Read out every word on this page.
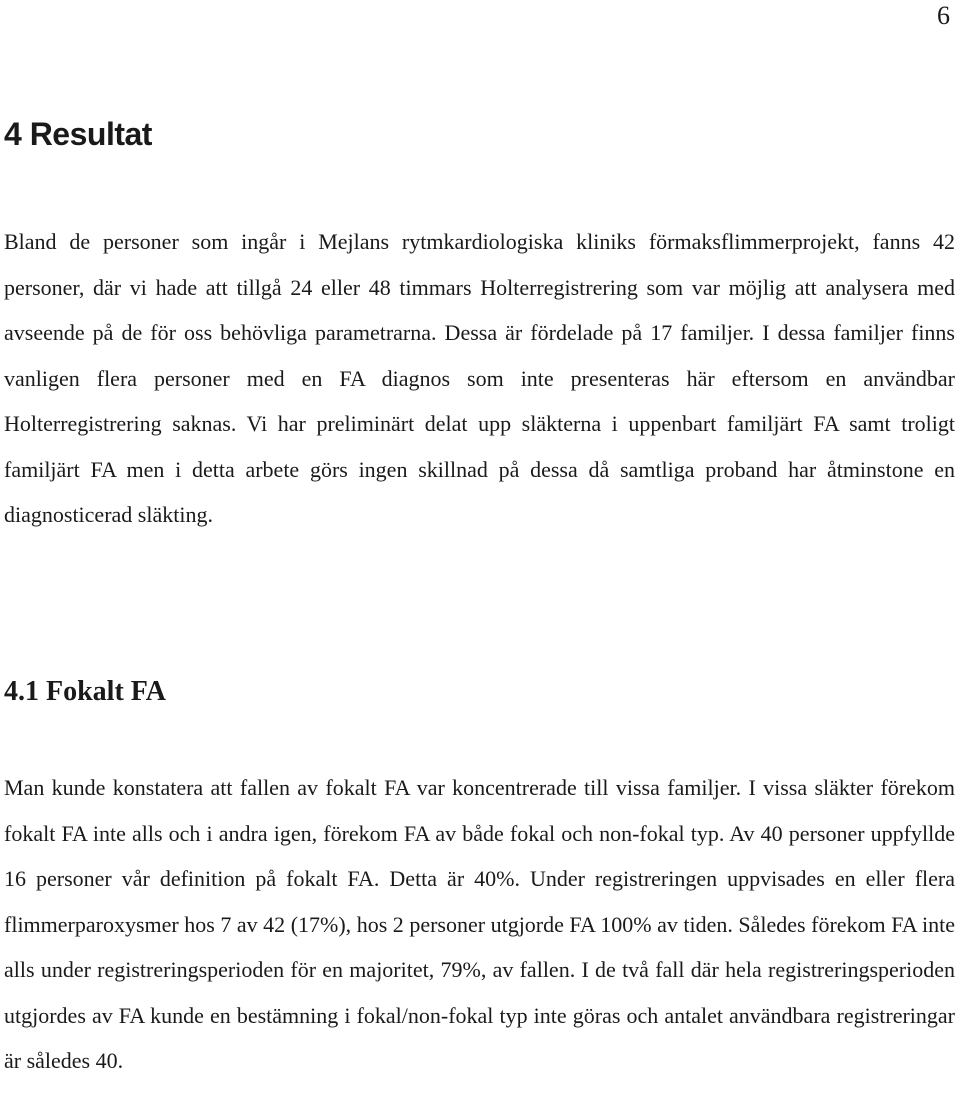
6
4 Resultat

Bland de personer som ingår i Mejlans rytmkardiologiska kliniks förmaksflimmerprojekt, fanns 42 personer, där vi hade att tillgå 24 eller 48 timmars Holterregistrering som var möjlig att analysera med avseende på de för oss behövliga parametrarna. Dessa är fördelade på 17 familjer. I dessa familjer finns vanligen flera personer med en FA diagnos som inte presenteras här eftersom en användbar Holterregistrering saknas. Vi har preliminärt delat upp släkterna i uppenbart familjärt FA samt troligt familjärt FA men i detta arbete görs ingen skillnad på dessa då samtliga proband har åtminstone en diagnosticerad släkting.

4.1 Fokalt FA

Man kunde konstatera att fallen av fokalt FA var koncentrerade till vissa familjer. I vissa släkter förekom fokalt FA inte alls och i andra igen, förekom FA av både fokal och non-fokal typ. Av 40 personer uppfyllde 16 personer vår definition på fokalt FA. Detta är 40%. Under registreringen uppvisades en eller flera flimmerparoxysmer hos 7 av 42 (17%), hos 2 personer utgjorde FA 100% av tiden. Således förekom FA inte alls under registreringsperioden för en majoritet, 79%, av fallen. I de två fall där hela registreringsperioden utgjordes av FA kunde en bestämning i fokal/non-fokal typ inte göras och antalet användbara registreringar är således 40.
